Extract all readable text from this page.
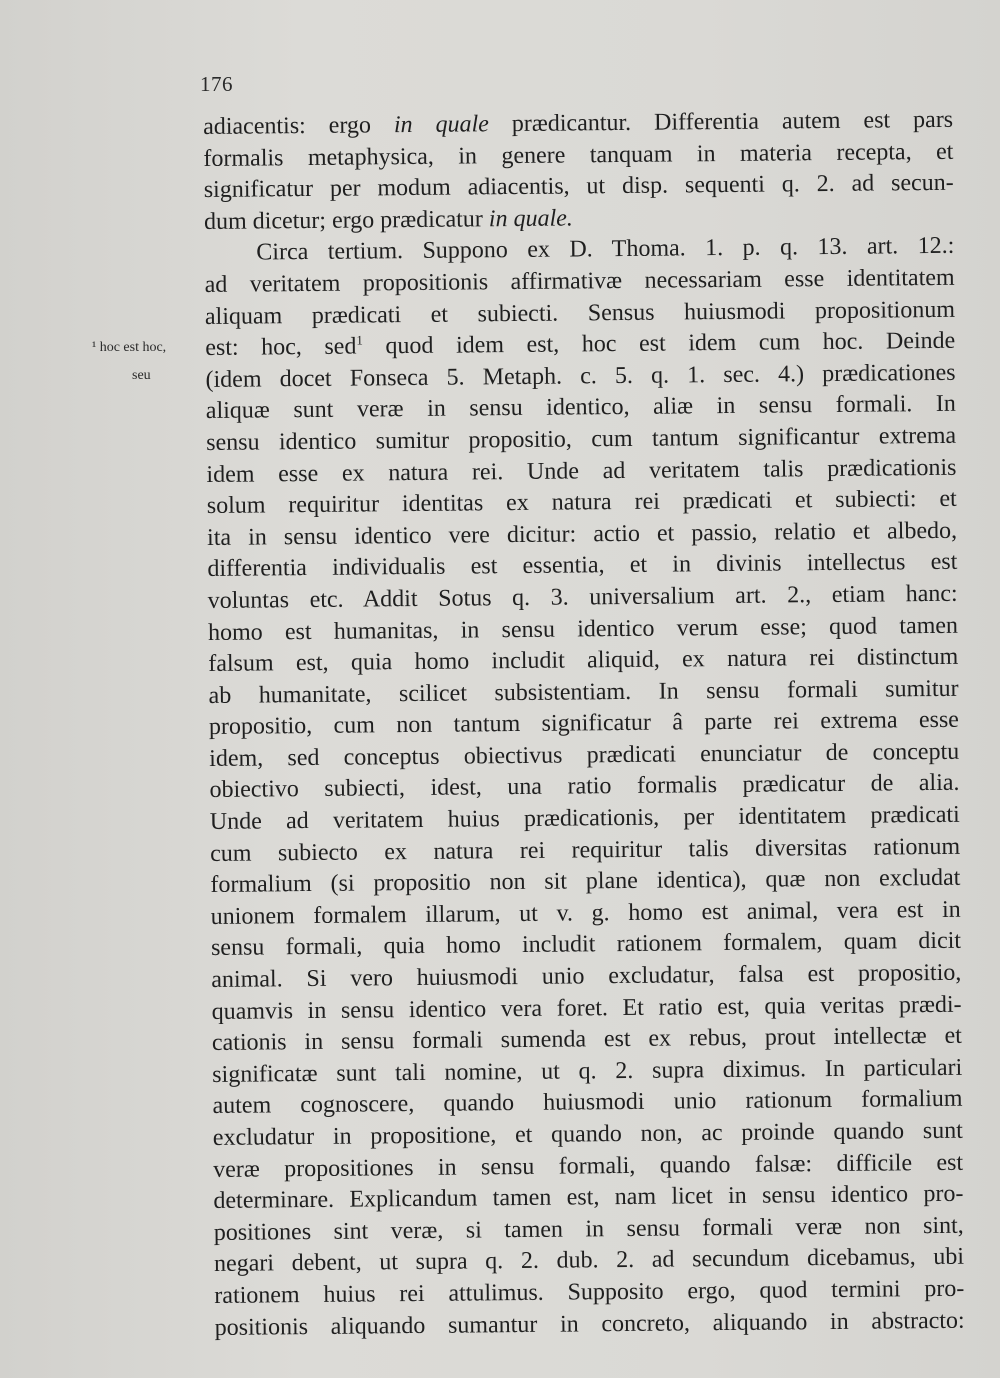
176
¹ hoc est hoc,
seu
adiacentis: ergo in quale prædicantur. Differentia autem est pars
formalis metaphysica, in genere tanquam in materia recepta, et
significatur per modum adiacentis, ut disp. sequenti q. 2. ad secun-
dum dicetur; ergo prædicatur in quale.
Circa tertium. Suppono ex D. Thoma. 1. p. q. 13. art. 12.:
ad veritatem propositionis affirmativæ necessariam esse identitatem
aliquam prædicati et subiecti. Sensus huiusmodi propositionum
est: hoc, sed$^1$ quod idem est, hoc est idem cum hoc. Deinde
(idem docet Fonseca 5. Metaph. c. 5. q. 1. sec. 4.) prædicationes
aliquæ sunt veræ in sensu identico, aliæ in sensu formali. In
sensu identico sumitur propositio, cum tantum significantur extrema
idem esse ex natura rei. Unde ad veritatem talis prædicationis
solum requiritur identitas ex natura rei prædicati et subiecti: et
ita in sensu identico vere dicitur: actio et passio, relatio et albedo,
differentia individualis est essentia, et in divinis intellectus est
voluntas etc. Addit Sotus q. 3. universalium art. 2., etiam hanc:
homo est humanitas, in sensu identico verum esse; quod tamen
falsum est, quia homo includit aliquid, ex natura rei distinctum
ab humanitate, scilicet subsistentiam. In sensu formali sumitur
propositio, cum non tantum significatur â parte rei extrema esse
idem, sed conceptus obiectivus prædicati enunciatur de conceptu
obiectivo subiecti, idest, una ratio formalis prædicatur de alia.
Unde ad veritatem huius prædicationis, per identitatem prædicati
cum subiecto ex natura rei requiritur talis diversitas rationum
formalium (si propositio non sit plane identica), quæ non excludat
unionem formalem illarum, ut v. g. homo est animal, vera est in
sensu formali, quia homo includit rationem formalem, quam dicit
animal. Si vero huiusmodi unio excludatur, falsa est propositio,
quamvis in sensu identico vera foret. Et ratio est, quia veritas prædi-
cationis in sensu formali sumenda est ex rebus, prout intellectæ et
significatæ sunt tali nomine, ut q. 2. supra diximus. In particulari
autem cognoscere, quando huiusmodi unio rationum formalium
excludatur in propositione, et quando non, ac proinde quando sunt
veræ propositiones in sensu formali, quando falsæ: difficile est
determinare. Explicandum tamen est, nam licet in sensu identico pro-
positiones sint veræ, si tamen in sensu formali veræ non sint,
negari debent, ut supra q. 2. dub. 2. ad secundum dicebamus, ubi
rationem huius rei attulimus. Supposito ergo, quod termini pro-
positionis aliquando sumantur in concreto, aliquando in abstracto:
